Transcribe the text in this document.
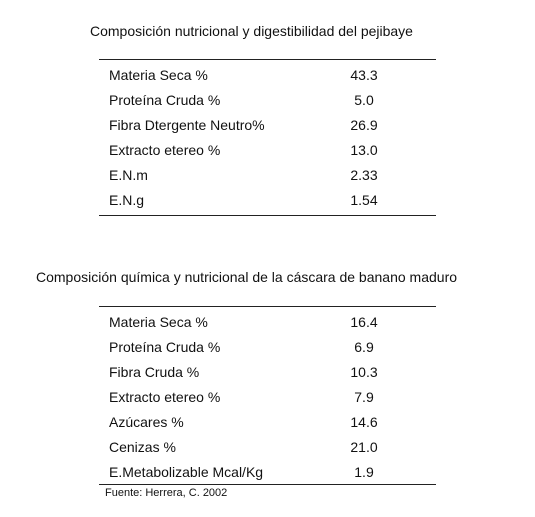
Composición nutricional y digestibilidad del pejibaye
Materia Seca %	43.3
Proteína Cruda %	5.0
Fibra Dtergente Neutro%	26.9
Extracto etereo %	13.0
E.N.m	2.33
E.N.g	1.54
Composición química y nutricional de la cáscara de banano maduro
Materia Seca %	16.4
Proteína Cruda %	6.9
Fibra Cruda %	10.3
Extracto etereo %	7.9
Azúcares %	14.6
Cenizas %	21.0
E.Metabolizable Mcal/Kg	1.9
Fuente: Herrera, C. 2002
